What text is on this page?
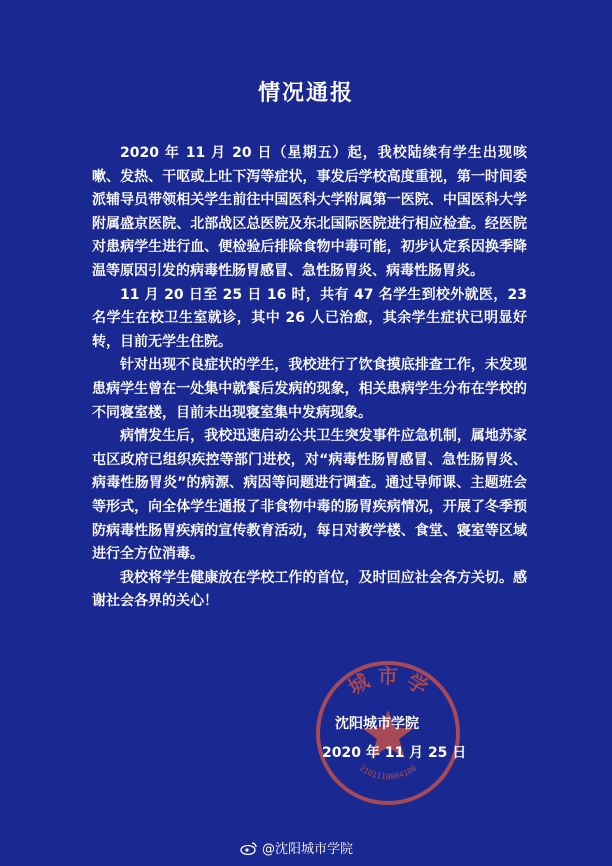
情况通报

2020 年 11 月 20 日（星期五）起，我校陆续有学生出现咳嗽、发热、干呕或上吐下泻等症状，事发后学校高度重视，第一时间委派辅导员带领相关学生前往中国医科大学附属第一医院、中国医科大学附属盛京医院、北部战区总医院及东北国际医院进行相应检查。经医院对患病学生进行血、便检验后排除食物中毒可能，初步认定系因换季降温等原因引发的病毒性肠胃感冒、急性肠胃炎、病毒性肠胃炎。

11 月 20 日至 25 日 16 时，共有 47 名学生到校外就医，23 名学生在校卫生室就诊，其中 26 人已治愈，其余学生症状已明显好转，目前无学生住院。

针对出现不良症状的学生，我校进行了饮食摸底排查工作，未发现患病学生曾在一处集中就餐后发病的现象，相关患病学生分布在学校的不同寝室楼，目前未出现寝室集中发病现象。

病情发生后，我校迅速启动公共卫生突发事件应急机制，属地苏家屯区政府已组织疾控等部门进校，对“病毒性肠胃感冒、急性肠胃炎、病毒性肠胃炎”的病源、病因等问题进行调查。通过导师课、主题班会等形式，向全体学生通报了非食物中毒的肠胃疾病情况，开展了冬季预防病毒性肠胃疾病的宣传教育活动，每日对教学楼、食堂、寝室等区域进行全方位消毒。

我校将学生健康放在学校工作的首位，及时回应社会各方关切。感谢社会各界的关心！

城 市 学
2101110004108
沈阳城市学院
2020 年 11 月 25 日
@沈阳城市学院
